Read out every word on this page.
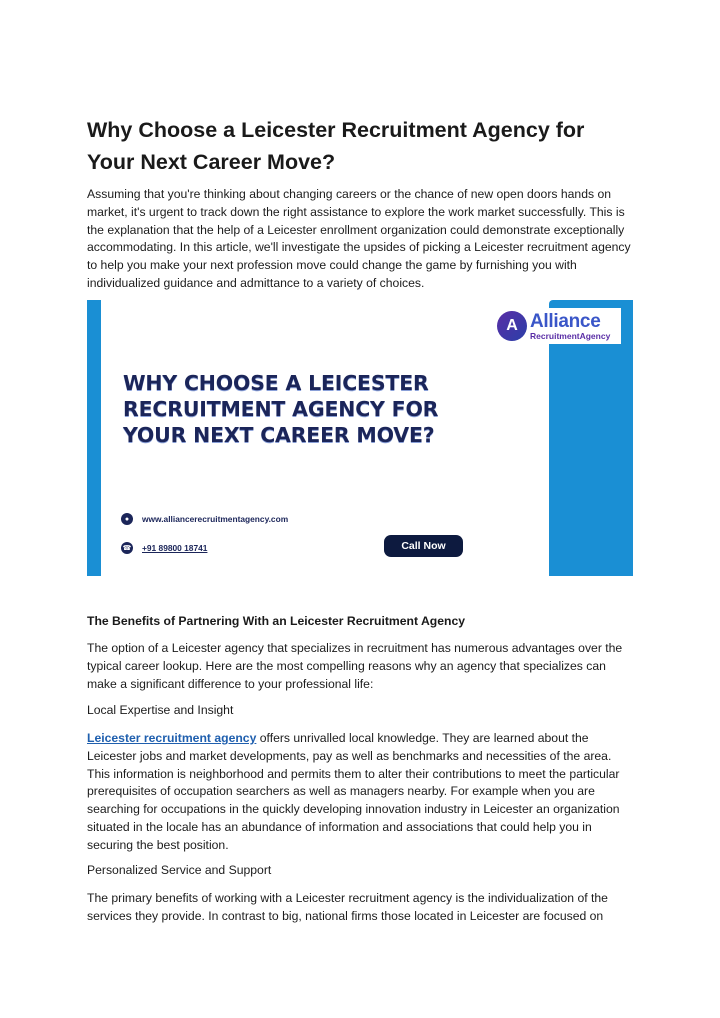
Why Choose a Leicester Recruitment Agency for Your Next Career Move?

Assuming that you're thinking about changing careers or the chance of new open doors hands on market, it's urgent to track down the right assistance to explore the work market successfully. This is the explanation that the help of a Leicester enrollment organization could demonstrate exceptionally accommodating. In this article, we'll investigate the upsides of picking a Leicester recruitment agency to help you make your next profession move could change the game by furnishing you with individualized guidance and admittance to a variety of choices.

A Alliance
RecruitmentAgency
WHY CHOOSE A LEICESTER RECRUITMENT AGENCY FOR YOUR NEXT CAREER MOVE?
●	www.alliancerecruitmentagency.com
☎ +91 89800 18741	Call Now

The Benefits of Partnering With an Leicester Recruitment Agency

The option of a Leicester agency that specializes in recruitment has numerous advantages over the typical career lookup. Here are the most compelling reasons why an agency that specializes can make a significant difference to your professional life:

Local Expertise and Insight

Leicester recruitment agency offers unrivalled local knowledge. They are learned about the Leicester jobs and market developments, pay as well as benchmarks and necessities of the area. This information is neighborhood and permits them to alter their contributions to meet the particular prerequisites of occupation searchers as well as managers nearby. For example when you are searching for occupations in the quickly developing innovation industry in Leicester an organization situated in the locale has an abundance of information and associations that could help you in securing the best position.

Personalized Service and Support

The primary benefits of working with a Leicester recruitment agency is the individualization of the services they provide. In contrast to big, national firms those located in Leicester are focused on
